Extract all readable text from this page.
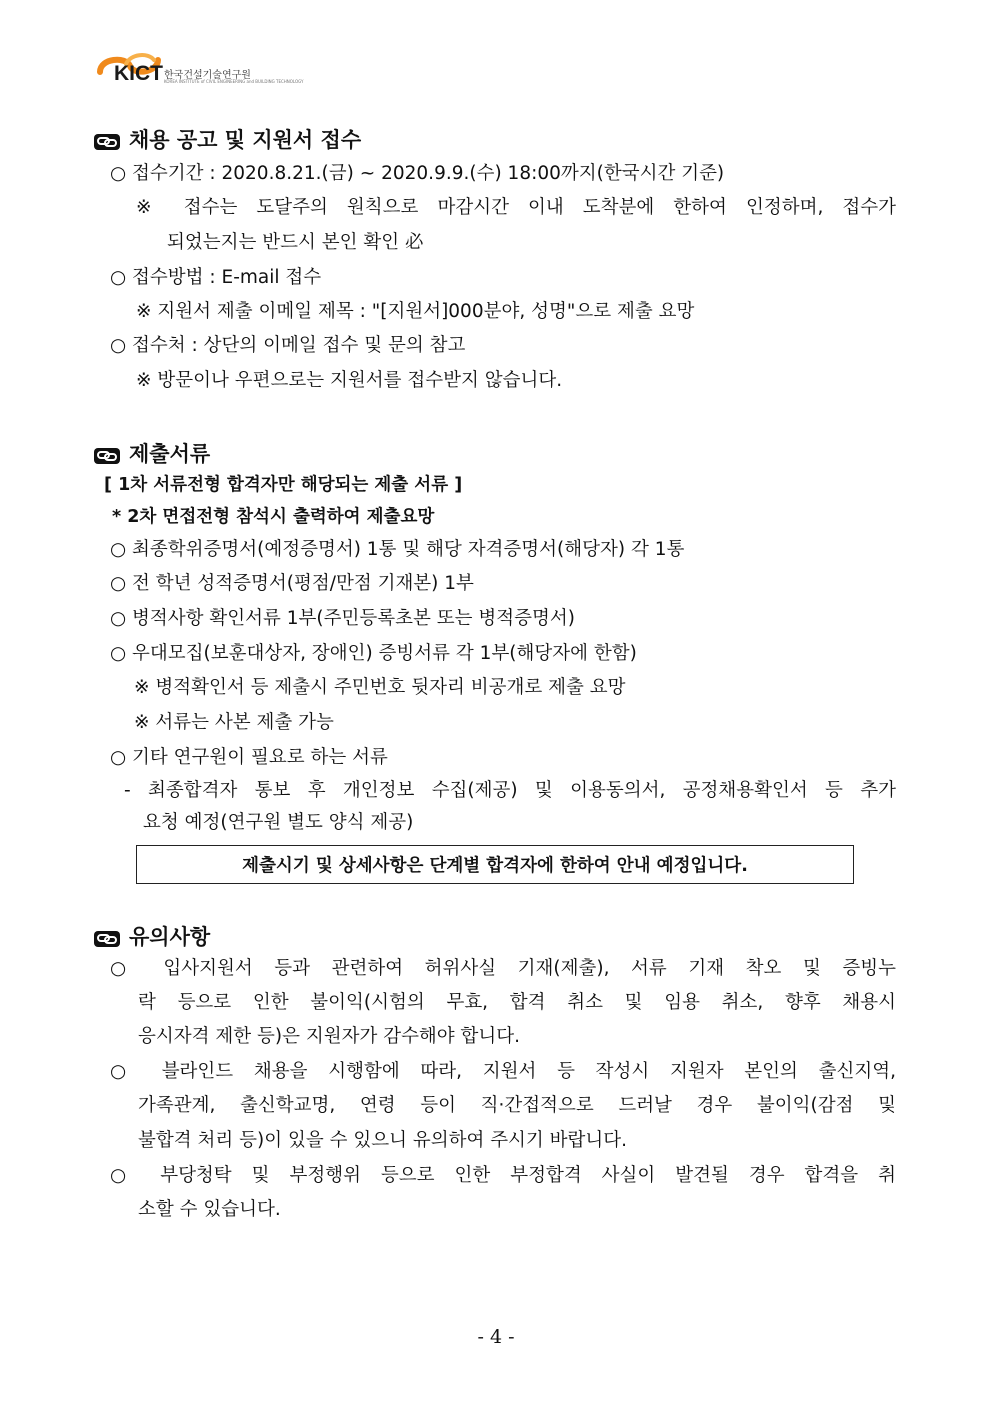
KICT 한국건설기술연구원
KOREA INSTITUTE of CIVIL ENGINEERING and BUILDING TECHNOLOGY
채용 공고 및 지원서 접수
○ 접수기간 : 2020.8.21.(금) ~ 2020.9.9.(수) 18:00까지(한국시간 기준)
※ 접수는 도달주의 원칙으로 마감시간 이내 도착분에 한하여 인정하며, 접수가
되었는지는 반드시 본인 확인 必
○ 접수방법 : E-mail 접수
※ 지원서 제출 이메일 제목 : "[지원서]000분야, 성명"으로 제출 요망
○ 접수처 : 상단의 이메일 접수 및 문의 참고
※ 방문이나 우편으로는 지원서를 접수받지 않습니다.
제출서류
[ 1차 서류전형 합격자만 해당되는 제출 서류 ]
* 2차 면접전형 참석시 출력하여 제출요망
○ 최종학위증명서(예정증명서) 1통 및 해당 자격증명서(해당자) 각 1통
○ 전 학년 성적증명서(평점/만점 기재본) 1부
○ 병적사항 확인서류 1부(주민등록초본 또는 병적증명서)
○ 우대모집(보훈대상자, 장애인) 증빙서류 각 1부(해당자에 한함)
※ 병적확인서 등 제출시 주민번호 뒷자리 비공개로 제출 요망
※ 서류는 사본 제출 가능
○ 기타 연구원이 필요로 하는 서류
- 최종합격자 통보 후 개인정보 수집(제공) 및 이용동의서, 공정채용확인서 등 추가
요청 예정(연구원 별도 양식 제공)
제출시기 및 상세사항은 단계별 합격자에 한하여 안내 예정입니다.
유의사항
○ 입사지원서 등과 관련하여 허위사실 기재(제출), 서류 기재 착오 및 증빙누
락 등으로 인한 불이익(시험의 무효, 합격 취소 및 임용 취소, 향후 채용시
응시자격 제한 등)은 지원자가 감수해야 합니다.
○ 블라인드 채용을 시행함에 따라, 지원서 등 작성시 지원자 본인의 출신지역,
가족관계, 출신학교명, 연령 등이 직·간접적으로 드러날 경우 불이익(감점 및
불합격 처리 등)이 있을 수 있으니 유의하여 주시기 바랍니다.
○ 부당청탁 및 부정행위 등으로 인한 부정합격 사실이 발견될 경우 합격을 취
소할 수 있습니다.
- 4 -
